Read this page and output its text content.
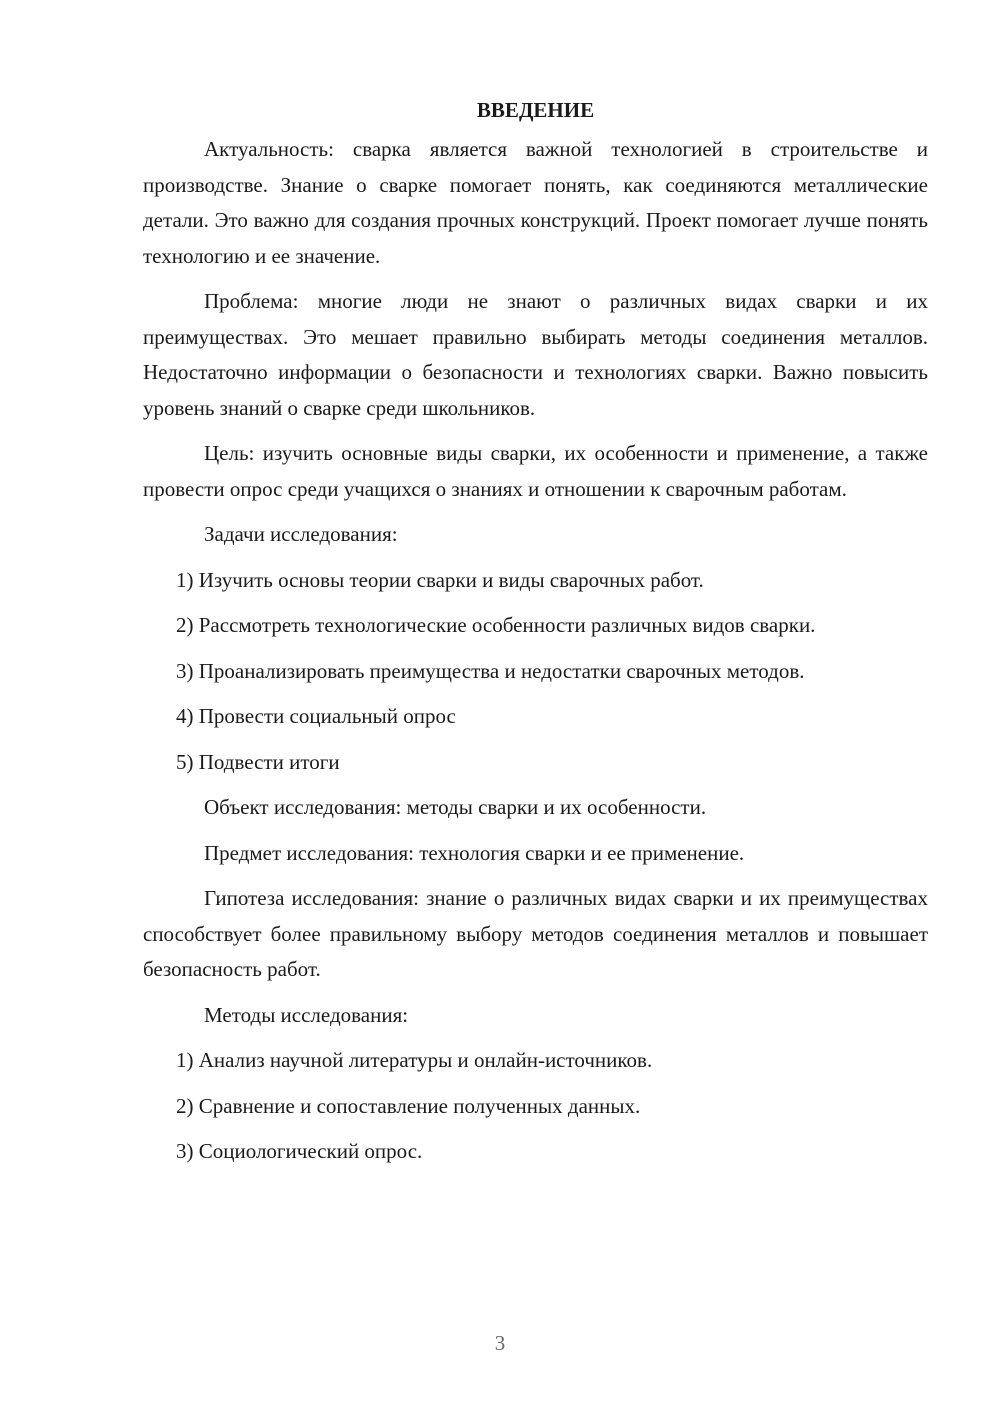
ВВЕДЕНИЕ

Актуальность: сварка является важной технологией в строительстве и производстве. Знание о сварке помогает понять, как соединяются металлические детали. Это важно для создания прочных конструкций. Проект помогает лучше понять технологию и ее значение.

Проблема: многие люди не знают о различных видах сварки и их преимуществах. Это мешает правильно выбирать методы соединения металлов. Недостаточно информации о безопасности и технологиях сварки. Важно повысить уровень знаний о сварке среди школьников.

Цель: изучить основные виды сварки, их особенности и применение, а также провести опрос среди учащихся о знаниях и отношении к сварочным работам.

Задачи исследования:
1) Изучить основы теории сварки и виды сварочных работ.
2) Рассмотреть технологические особенности различных видов сварки.
3) Проанализировать преимущества и недостатки сварочных методов.
4) Провести социальный опрос
5) Подвести итоги
Объект исследования: методы сварки и их особенности.
Предмет исследования: технология сварки и ее применение.

Гипотеза исследования: знание о различных видах сварки и их преимуществах способствует более правильному выбору методов соединения металлов и повышает безопасность работ.

Методы исследования:
1) Анализ научной литературы и онлайн-источников.
2) Сравнение и сопоставление полученных данных.
3) Социологический опрос.
3
